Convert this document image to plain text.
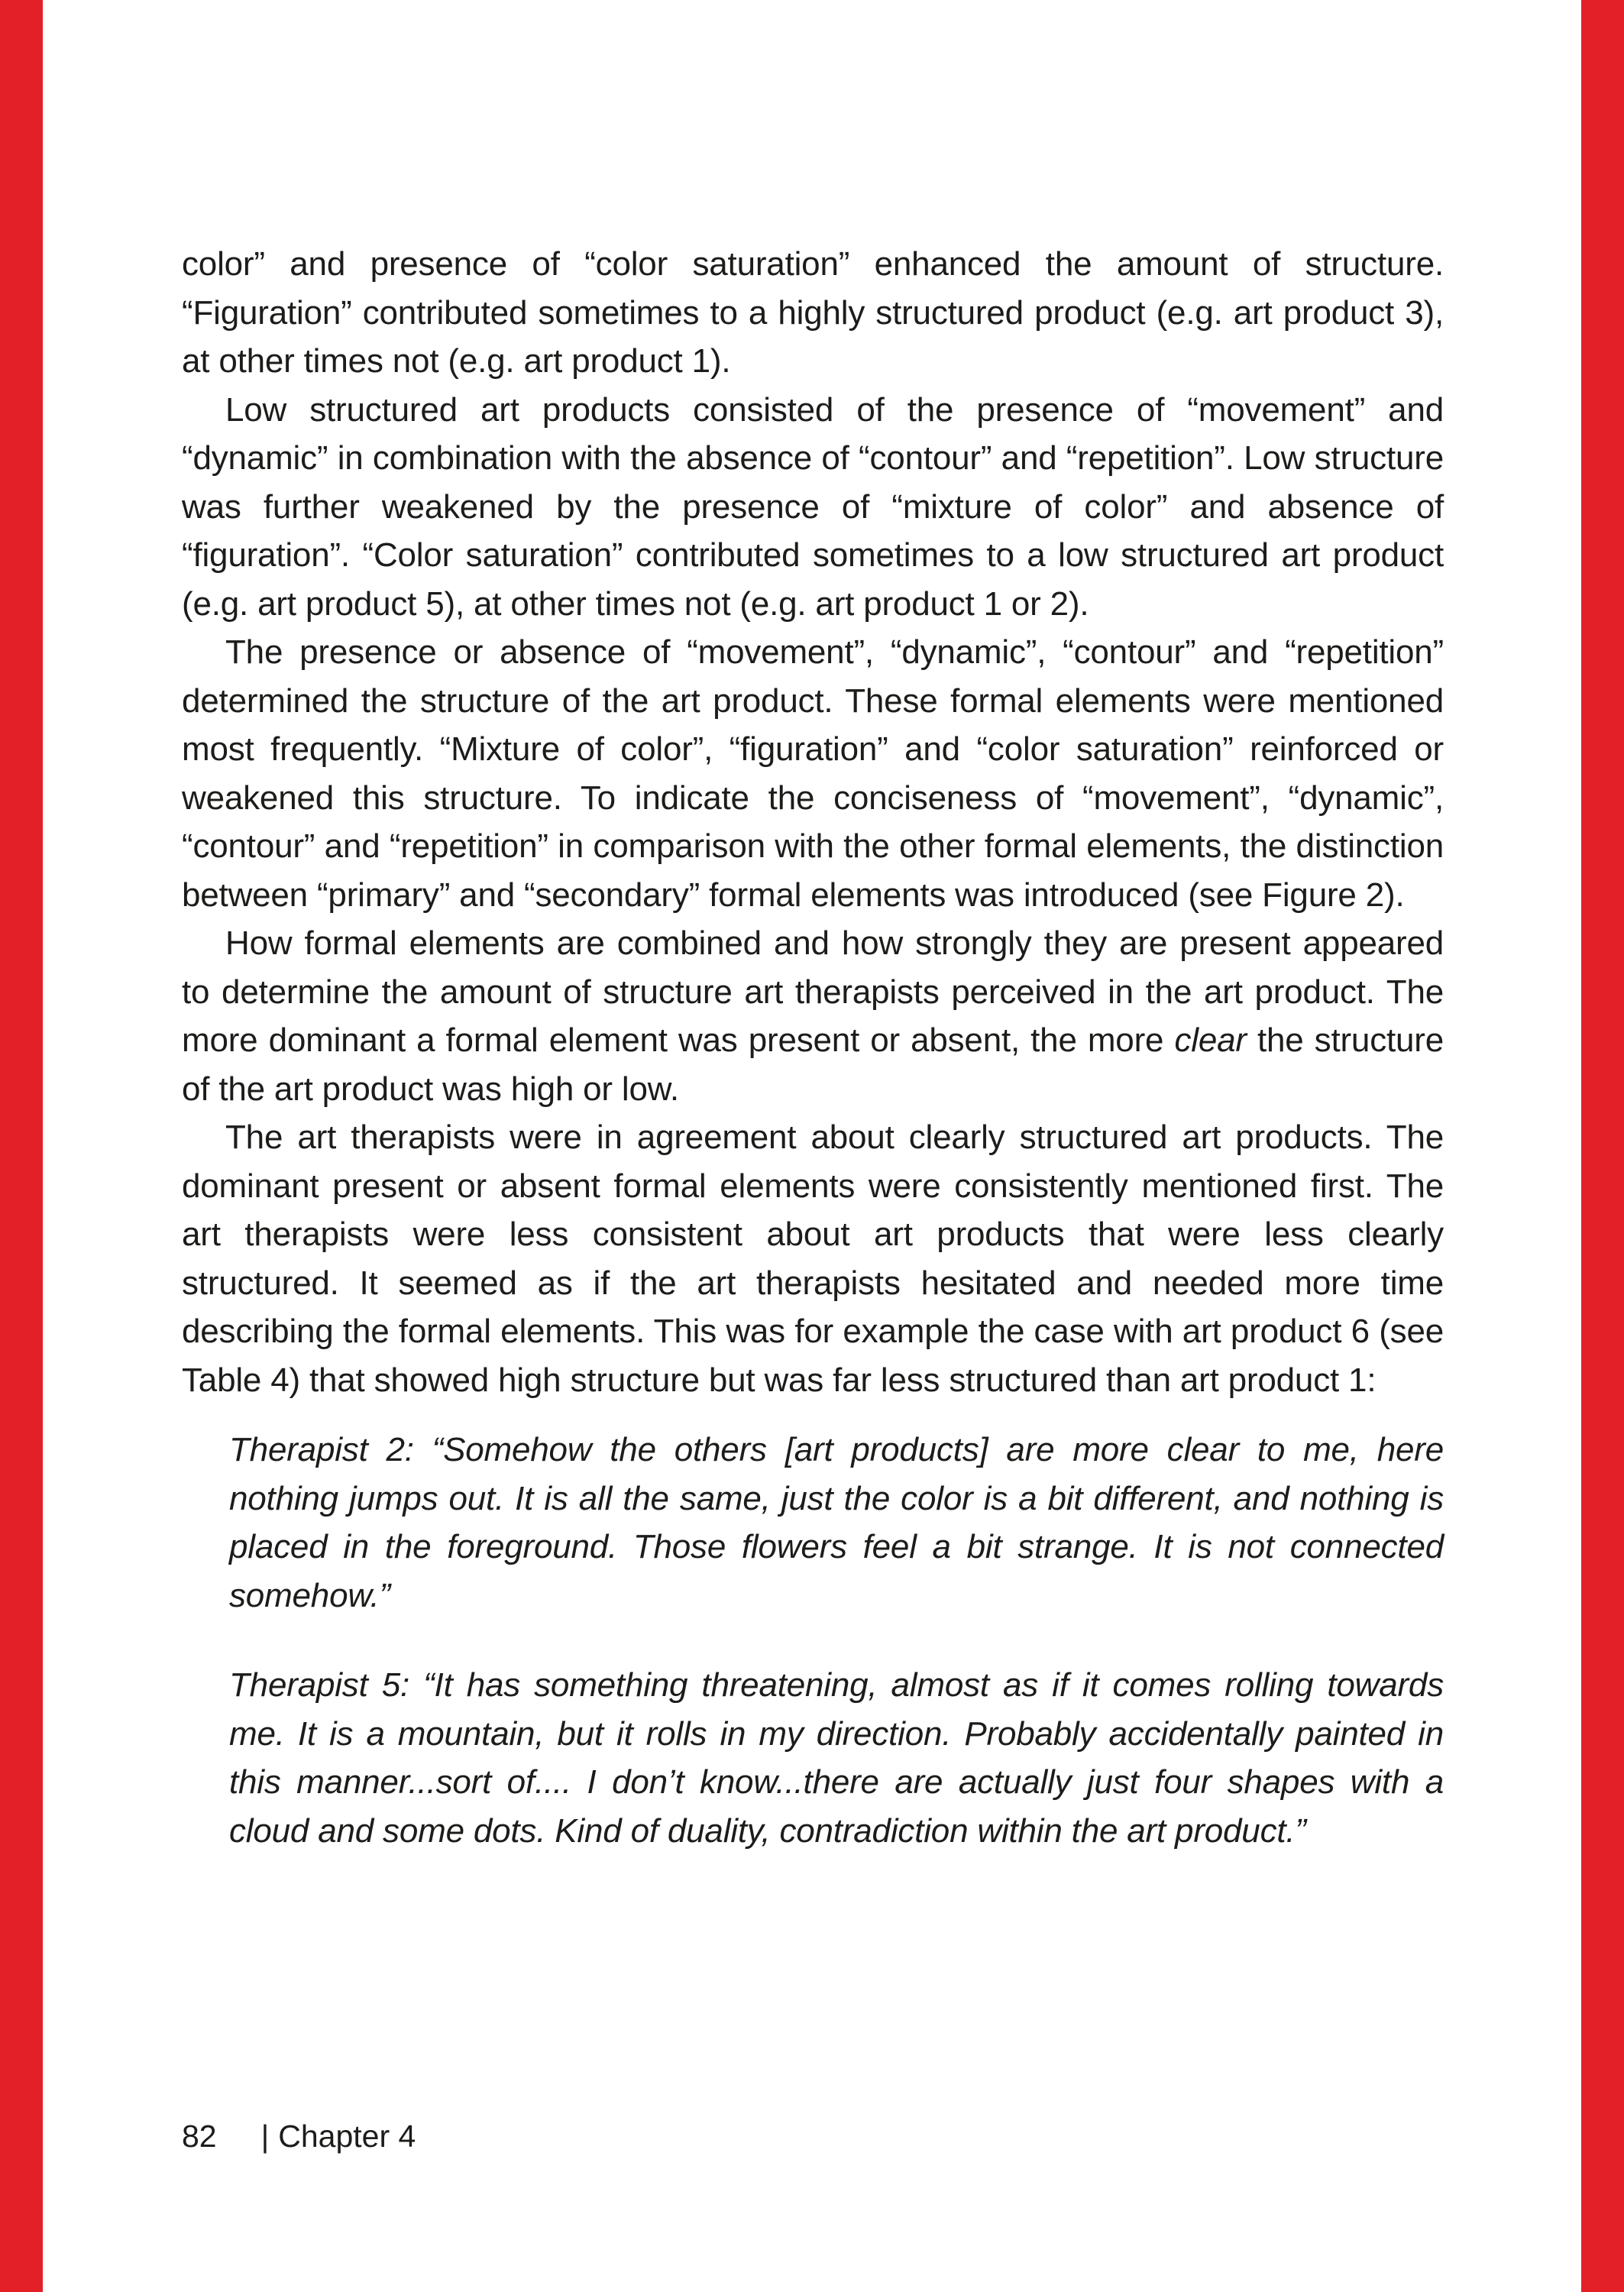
color” and presence of “color saturation” enhanced the amount of structure. “Figuration” contributed sometimes to a highly structured product (e.g. art product 3), at other times not (e.g. art product 1).

Low structured art products consisted of the presence of “movement” and “dynamic” in combination with the absence of “contour” and “repetition”. Low structure was further weakened by the presence of “mixture of color” and absence of “figuration”. “Color saturation” contributed sometimes to a low structured art product (e.g. art product 5), at other times not (e.g. art product 1 or 2).

The presence or absence of “movement”, “dynamic”, “contour” and “repetition” determined the structure of the art product. These formal elements were mentioned most frequently. “Mixture of color”, “figuration” and “color saturation” reinforced or weakened this structure. To indicate the conciseness of “movement”, “dynamic”, “contour” and “repetition” in comparison with the other formal elements, the distinction between “primary” and “secondary” formal elements was introduced (see Figure 2).

How formal elements are combined and how strongly they are present appeared to determine the amount of structure art therapists perceived in the art product. The more dominant a formal element was present or absent, the more clear the structure of the art product was high or low.

The art therapists were in agreement about clearly structured art products. The dominant present or absent formal elements were consistently mentioned first. The art therapists were less consistent about art products that were less clearly structured. It seemed as if the art therapists hesitated and needed more time describing the formal elements. This was for example the case with art product 6 (see Table 4) that showed high structure but was far less structured than art product 1:

Therapist 2: “Somehow the others [art products] are more clear to me, here nothing jumps out. It is all the same, just the color is a bit different, and nothing is placed in the foreground. Those flowers feel a bit strange. It is not connected somehow.”
Therapist 5: “It has something threatening, almost as if it comes rolling towards me. It is a mountain, but it rolls in my direction. Probably accidentally painted in this manner...sort of.... I don’t know...there are actually just four shapes with a cloud and some dots. Kind of duality, contradiction within the art product.”
82 | Chapter 4
